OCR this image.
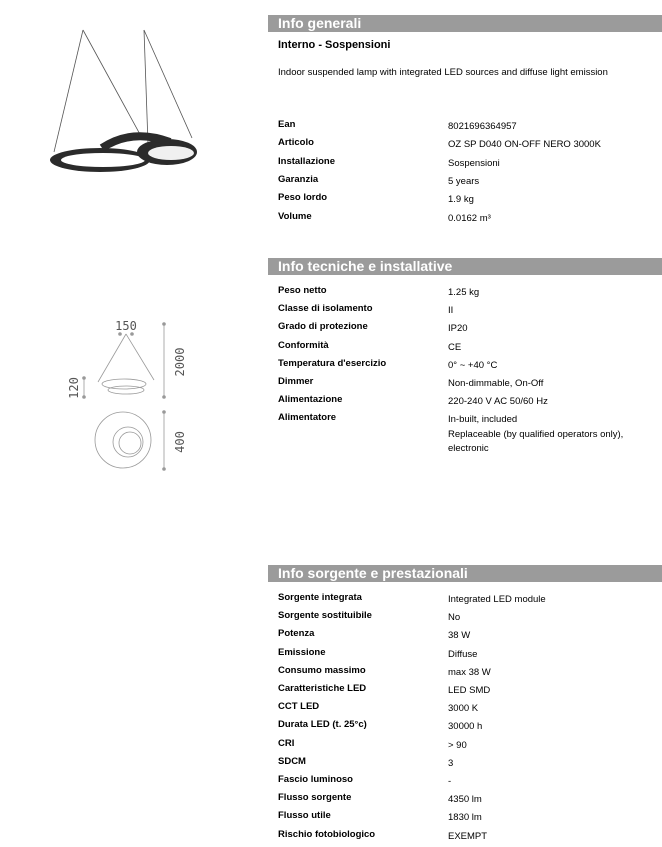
150
2000
120
400
Info generali
Interno - Sospensioni
Indoor suspended lamp with integrated LED sources and diffuse light emission
Ean	8021696364957
Articolo	OZ SP D040 ON-OFF NERO 3000K
Installazione	Sospensioni
Garanzia	5 years
Peso lordo	1.9 kg
Volume	0.0162 m³
Info tecniche e installative
Peso netto	1.25 kg
Classe di isolamento	II
Grado di protezione	IP20
Conformità	CE
Temperatura d'esercizio	0° ~ +40 °C
Dimmer	Non-dimmable, On-Off
Alimentazione	220-240 V AC 50/60 Hz
Alimentatore	In-built, included
Replaceable (by qualified operators only),
electronic
Info sorgente e prestazionali
Sorgente integrata	Integrated LED module
Sorgente sostituibile	No
Potenza	38 W
Emissione	Diffuse
Consumo massimo	max 38 W
Caratteristiche LED	LED SMD
CCT LED	3000 K
Durata LED (t. 25°c)	30000 h
CRI	> 90
SDCM	3
Fascio luminoso	-
Flusso sorgente	4350 lm
Flusso utile	1830 lm
Rischio fotobiologico	EXEMPT
